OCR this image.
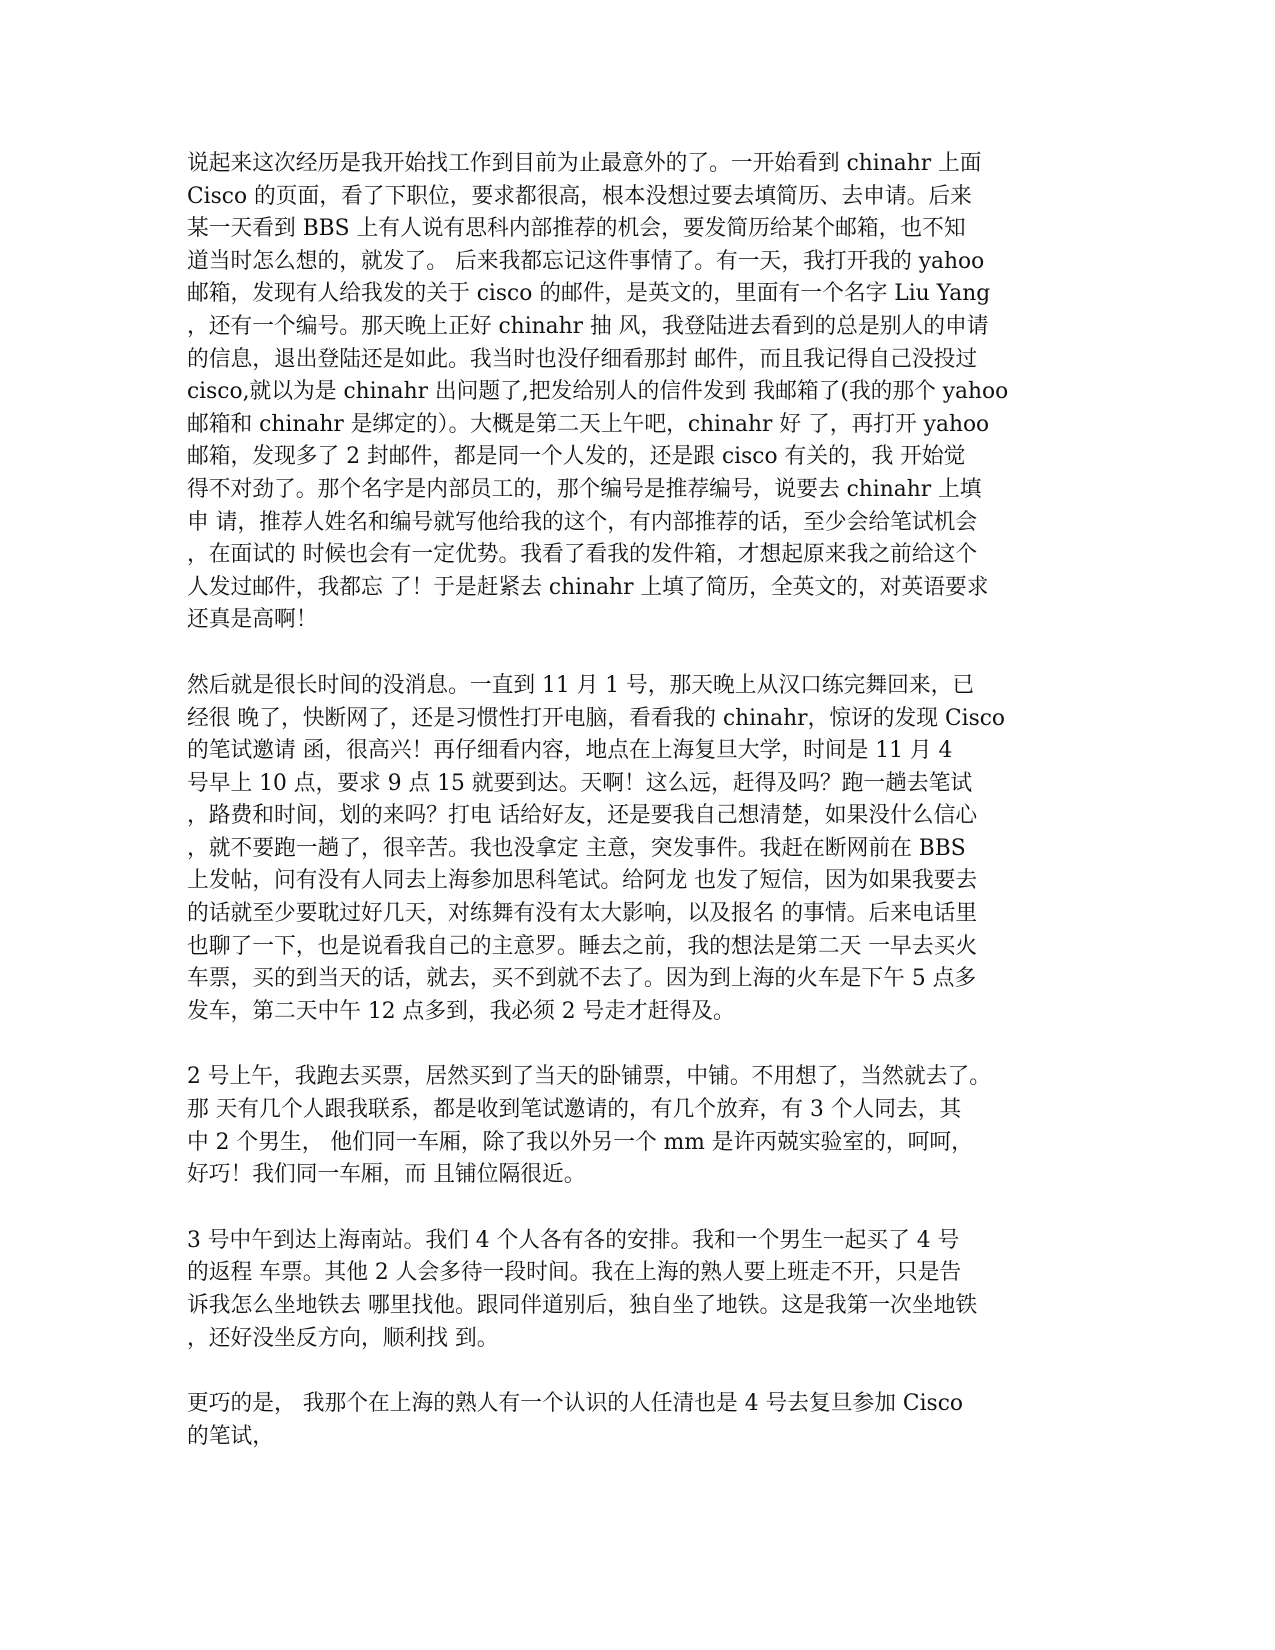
说起来这次经历是我开始找工作到目前为止最意外的了。一开始看到 chinahr 上面
Cisco 的页面，看了下职位，要求都很高，根本没想过要去填简历、去申请。后来
某一天看到 BBS 上有人说有思科内部推荐的机会，要发简历给某个邮箱，也不知
道当时怎么想的，就发了。 后来我都忘记这件事情了。有一天，我打开我的 yahoo
邮箱，发现有人给我发的关于 cisco 的邮件，是英文的，里面有一个名字 Liu Yang
，还有一个编号。那天晚上正好 chinahr 抽 风，我登陆进去看到的总是别人的申请
的信息，退出登陆还是如此。我当时也没仔细看那封 邮件，而且我记得自己没投过
cisco,就以为是 chinahr 出问题了,把发给别人的信件发到 我邮箱了(我的那个 yahoo
邮箱和 chinahr 是绑定的）。大概是第二天上午吧，chinahr 好 了，再打开 yahoo
邮箱，发现多了 2 封邮件，都是同一个人发的，还是跟 cisco 有关的，我 开始觉
得不对劲了。那个名字是内部员工的，那个编号是推荐编号，说要去 chinahr 上填
申 请，推荐人姓名和编号就写他给我的这个，有内部推荐的话，至少会给笔试机会
，在面试的 时候也会有一定优势。我看了看我的发件箱，才想起原来我之前给这个
人发过邮件，我都忘 了！于是赶紧去 chinahr 上填了简历，全英文的，对英语要求
还真是高啊！
然后就是很长时间的没消息。一直到 11 月 1 号，那天晚上从汉口练完舞回来，已
经很 晚了，快断网了，还是习惯性打开电脑，看看我的 chinahr，惊讶的发现 Cisco
的笔试邀请 函，很高兴！再仔细看内容，地点在上海复旦大学，时间是 11 月 4
号早上 10 点，要求 9 点 15 就要到达。天啊！这么远，赶得及吗？跑一趟去笔试
，路费和时间，划的来吗？打电 话给好友，还是要我自己想清楚，如果没什么信心
，就不要跑一趟了，很辛苦。我也没拿定 主意，突发事件。我赶在断网前在 BBS
上发帖，问有没有人同去上海参加思科笔试。给阿龙 也发了短信，因为如果我要去
的话就至少要耽过好几天，对练舞有没有太大影响，以及报名 的事情。后来电话里
也聊了一下，也是说看我自己的主意罗。睡去之前，我的想法是第二天 一早去买火
车票，买的到当天的话，就去，买不到就不去了。因为到上海的火车是下午 5 点多
发车，第二天中午 12 点多到，我必须 2 号走才赶得及。
2 号上午，我跑去买票，居然买到了当天的卧铺票，中铺。不用想了，当然就去了。
那 天有几个人跟我联系，都是收到笔试邀请的，有几个放弃，有 3 个人同去，其
中 2 个男生， 他们同一车厢，除了我以外另一个 mm 是许丙兢实验室的，呵呵，
好巧！我们同一车厢，而 且铺位隔很近。
3 号中午到达上海南站。我们 4 个人各有各的安排。我和一个男生一起买了 4 号
的返程 车票。其他 2 人会多待一段时间。我在上海的熟人要上班走不开，只是告
诉我怎么坐地铁去 哪里找他。跟同伴道别后，独自坐了地铁。这是我第一次坐地铁
，还好没坐反方向，顺利找 到。
更巧的是， 我那个在上海的熟人有一个认识的人任清也是 4 号去复旦参加 Cisco
的笔试，
